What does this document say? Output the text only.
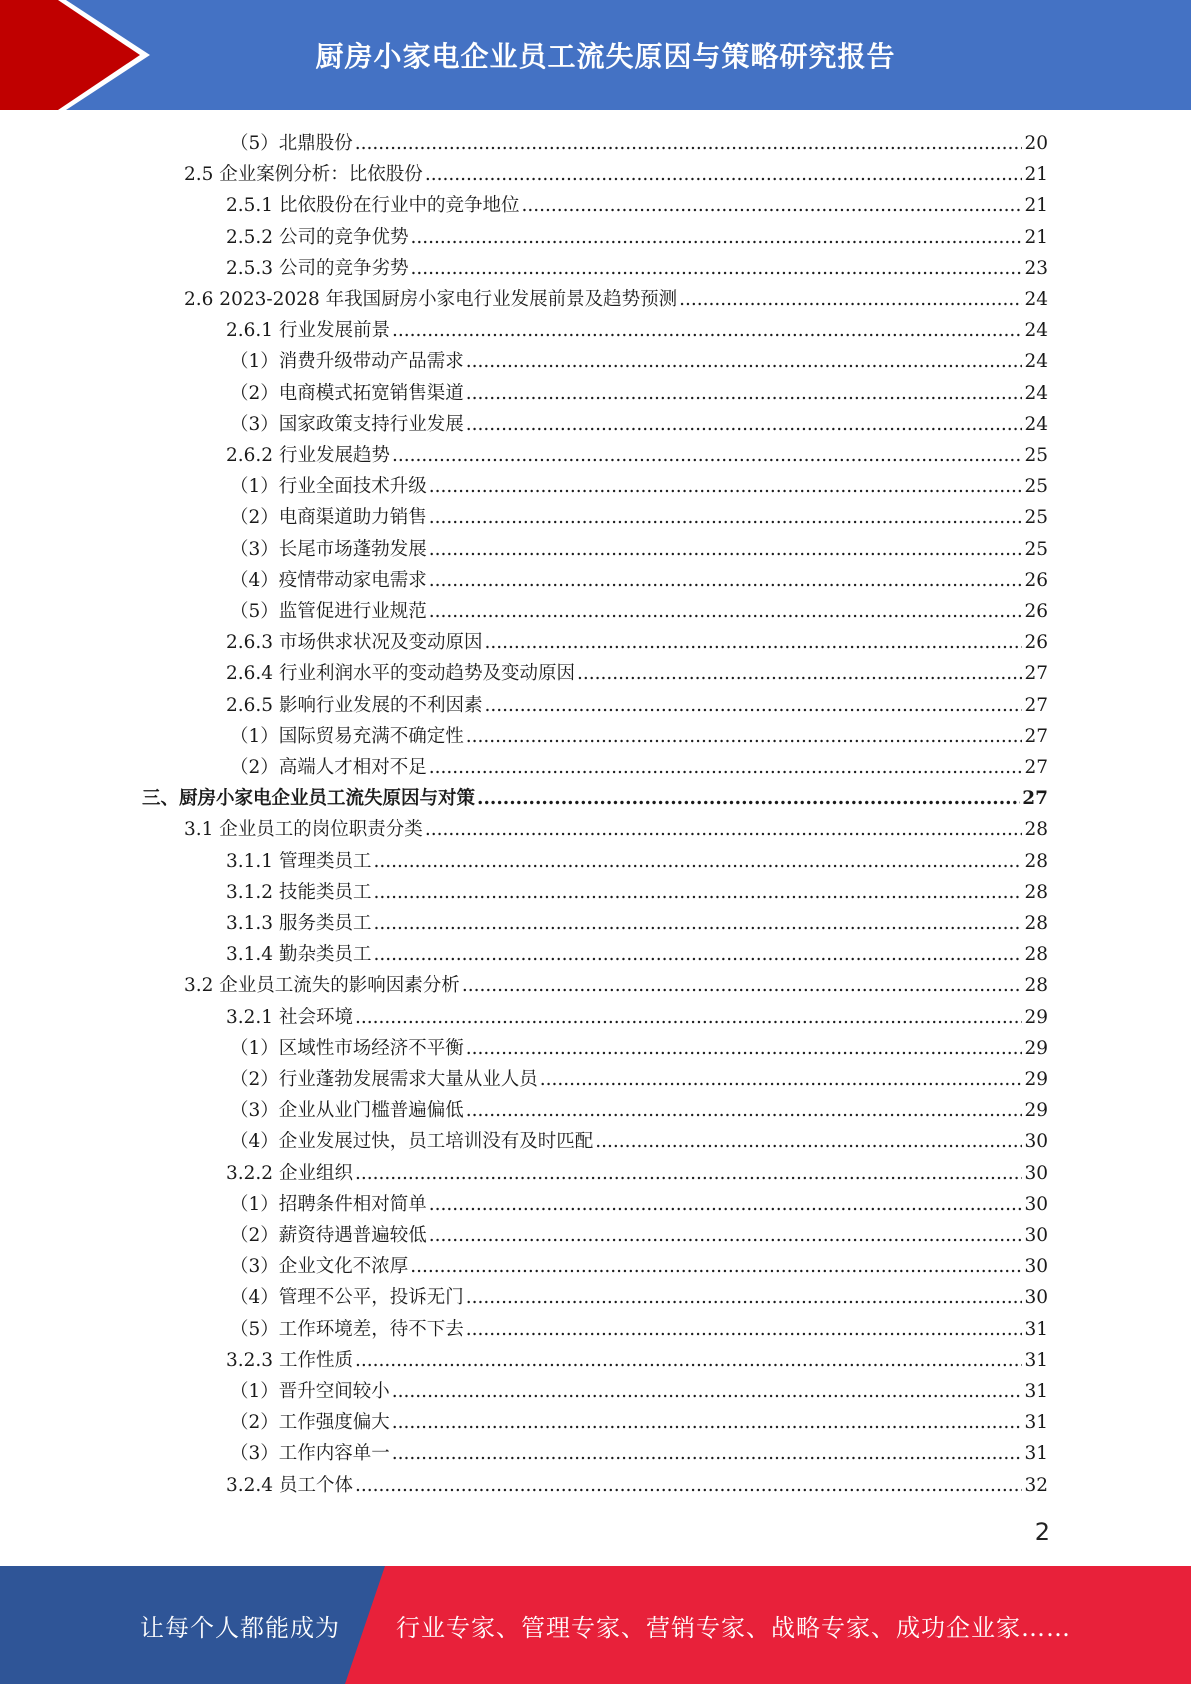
厨房小家电企业员工流失原因与策略研究报告
（5）北鼎股份 .....	20
2.5 企业案例分析：比依股份 .....	21
2.5.1 比依股份在行业中的竞争地位 .....	21
2.5.2 公司的竞争优势 .....	21
2.5.3 公司的竞争劣势 .....	23
2.6 2023-2028 年我国厨房小家电行业发展前景及趋势预测 .....	24
2.6.1 行业发展前景 .....	24
（1）消费升级带动产品需求 .....	24
（2）电商模式拓宽销售渠道 .....	24
（3）国家政策支持行业发展 .....	24
2.6.2 行业发展趋势 .....	25
（1）行业全面技术升级 .....	25
（2）电商渠道助力销售 .....	25
（3）长尾市场蓬勃发展 .....	25
（4）疫情带动家电需求 .....	26
（5）监管促进行业规范 .....	26
2.6.3 市场供求状况及变动原因 .....	26
2.6.4 行业利润水平的变动趋势及变动原因 .....	27
2.6.5 影响行业发展的不利因素 .....	27
（1）国际贸易充满不确定性 .....	27
（2）高端人才相对不足 .....	27
三、厨房小家电企业员工流失原因与对策 .....	27
3.1 企业员工的岗位职责分类 .....	28
3.1.1 管理类员工 .....	28
3.1.2 技能类员工 .....	28
3.1.3 服务类员工 .....	28
3.1.4 勤杂类员工 .....	28
3.2 企业员工流失的影响因素分析 .....	28
3.2.1 社会环境 .....	29
（1）区域性市场经济不平衡 .....	29
（2）行业蓬勃发展需求大量从业人员 .....	29
（3）企业从业门槛普遍偏低 .....	29
（4）企业发展过快，员工培训没有及时匹配 .....	30
3.2.2 企业组织 .....	30
（1）招聘条件相对简单 .....	30
（2）薪资待遇普遍较低 .....	30
（3）企业文化不浓厚 .....	30
（4）管理不公平，投诉无门 .....	30
（5）工作环境差，待不下去 .....	31
3.2.3 工作性质 .....	31
（1）晋升空间较小 .....	31
（2）工作强度偏大 .....	31
（3）工作内容单一 .....	31
3.2.4 员工个体 .....	32
2
让每个人都能成为 行业专家、管理专家、营销专家、战略专家、成功企业家……
